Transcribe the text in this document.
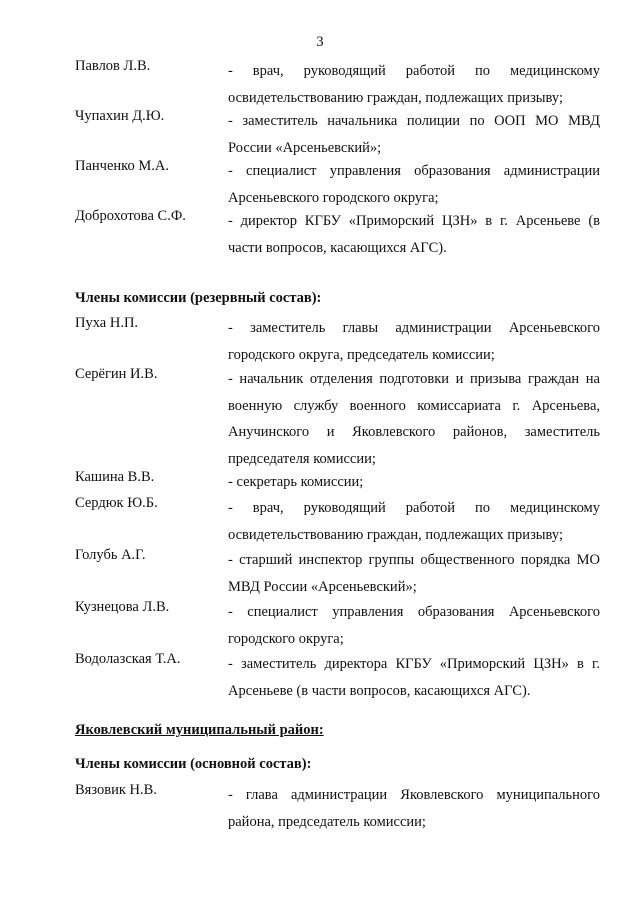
3
Павлов Л.В.	- врач, руководящий работой по медицинскому освидетельствованию граждан, подлежащих призыву;
Чупахин Д.Ю.	- заместитель начальника полиции по ООП МО МВД России «Арсеньевский»;
Панченко М.А.	- специалист управления образования администрации Арсеньевского городского округа;
Доброхотова С.Ф.	- директор КГБУ «Приморский ЦЗН» в г. Арсеньеве (в части вопросов, касающихся АГС).
Члены комиссии (резервный состав):
Пуха Н.П.	- заместитель главы администрации Арсеньевского городского округа, председатель комиссии;
Серёгин И.В.	- начальник отделения подготовки и призыва граждан на военную службу военного комиссариата г. Арсеньева, Анучинского и Яковлевского районов, заместитель председателя комиссии;
Кашина В.В.	- секретарь комиссии;
Сердюк Ю.Б.	- врач, руководящий работой по медицинскому освидетельствованию граждан, подлежащих призыву;
Голубь А.Г.	- старший инспектор группы общественного порядка МО МВД России «Арсеньевский»;
Кузнецова Л.В.	- специалист управления образования Арсеньевского городского округа;
Водолазская Т.А.	- заместитель директора КГБУ «Приморский ЦЗН» в г. Арсеньеве (в части вопросов, касающихся АГС).
Яковлевский муниципальный район:
Члены комиссии (основной состав):
Вязовик Н.В.	- глава администрации Яковлевского муниципального района, председатель комиссии;
